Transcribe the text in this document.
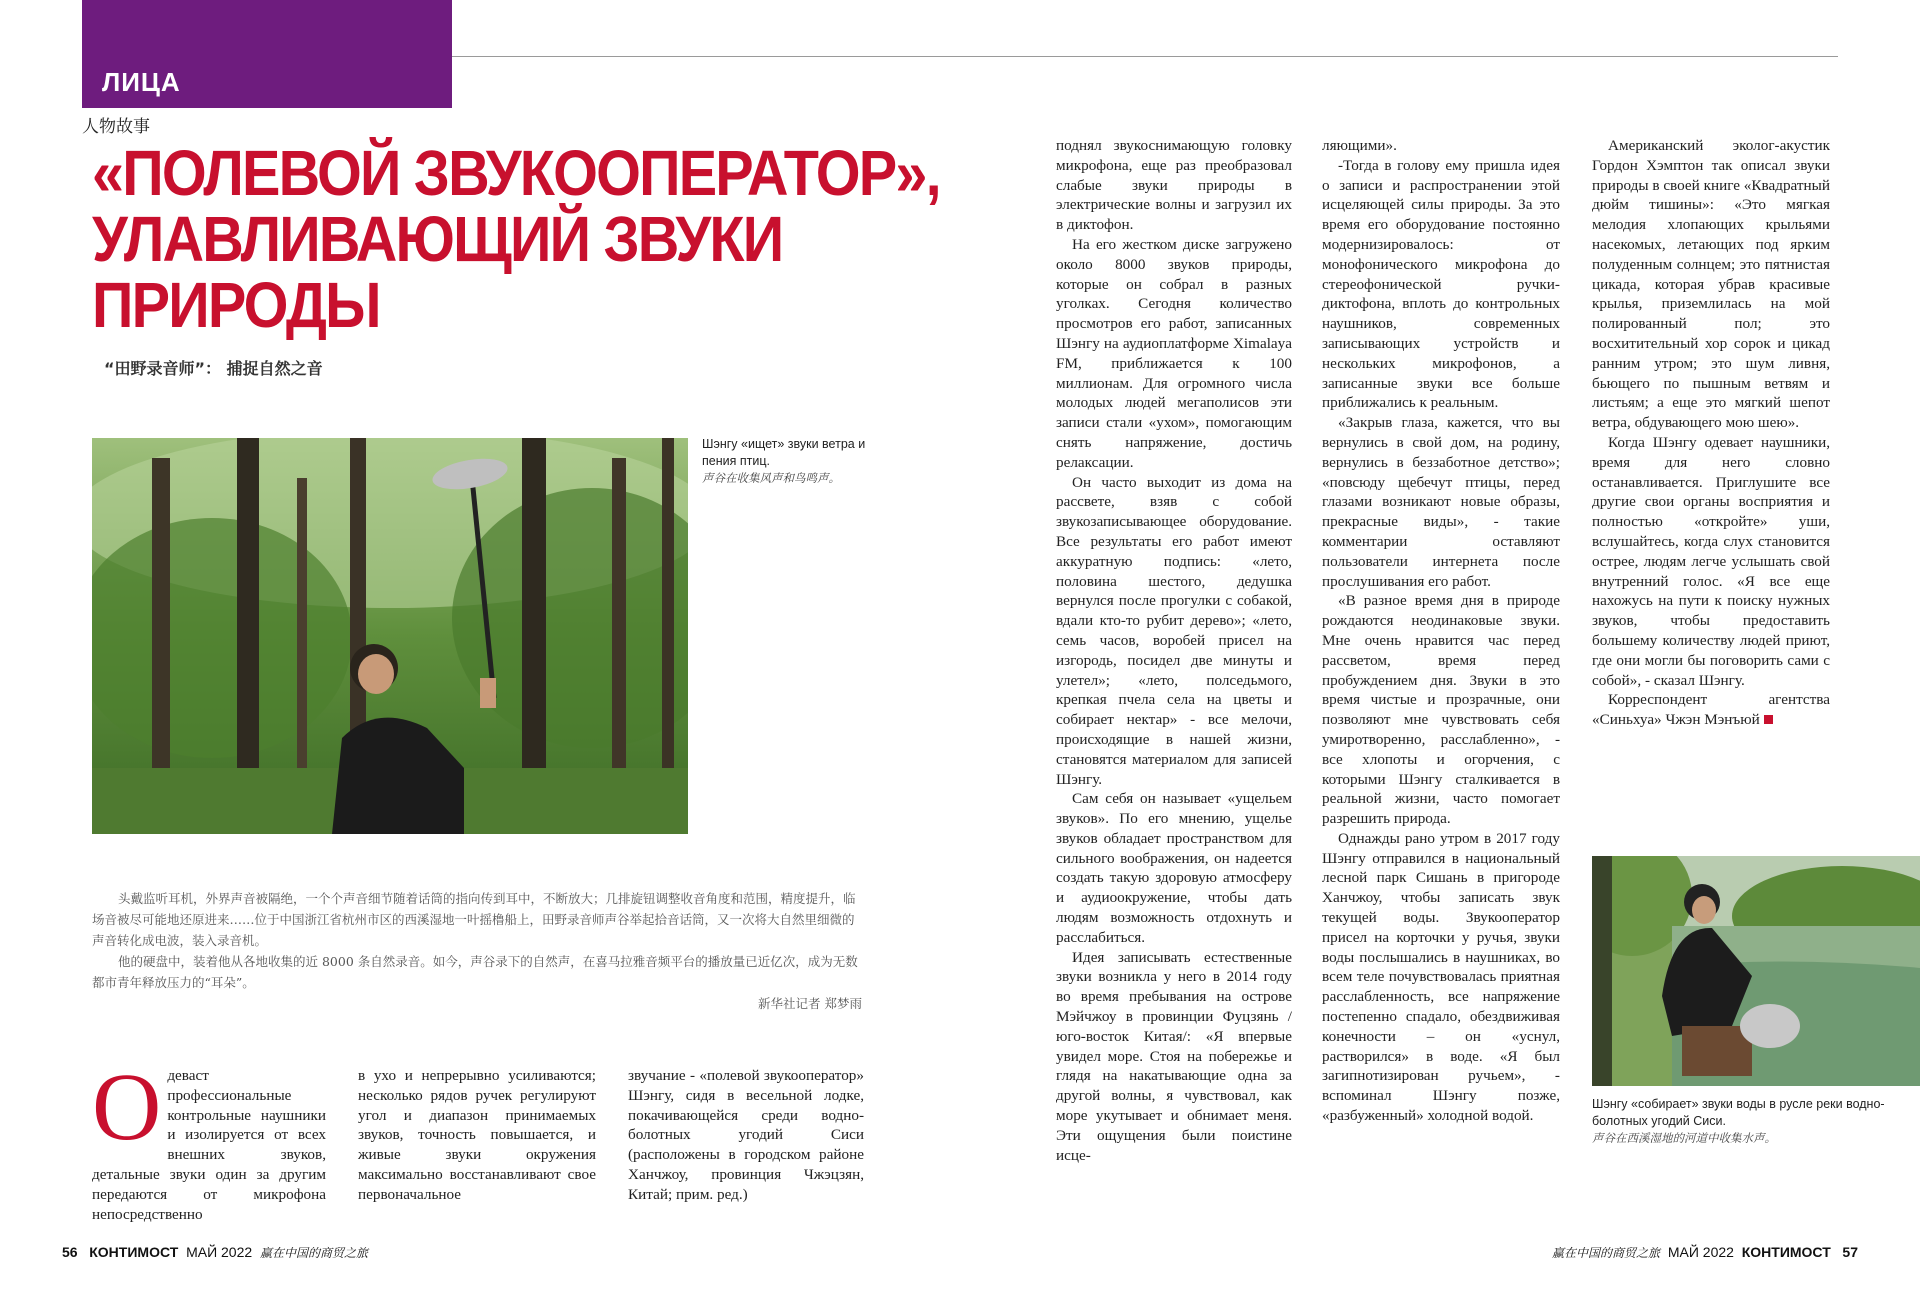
ЛИЦА
人物故事
«ПОЛЕВОЙ ЗВУКООПЕРАТОР»,
УЛАВЛИВАЮЩИЙ ЗВУКИ
ПРИРОДЫ
“田野录音师”： 捕捉自然之音
Шэнгу «ищет» звуки ветра и пения птиц.
声谷在收集风声和鸟鸣声。

头戴监听耳机，外界声音被隔绝，一个个声音细节随着话筒的指向传到耳中，不断放大；几排旋钮调整收音角度和范围，精度提升，临场音被尽可能地还原进来……位于中国浙江省杭州市区的西溪湿地一叶摇橹船上，田野录音师声谷举起拾音话筒，又一次将大自然里细微的声音转化成电波，装入录音机。

他的硬盘中，装着他从各地收集的近 8000 条自然录音。如今，声谷录下的自然声，在喜马拉雅音频平台的播放量已近亿次，成为无数都市青年释放压力的“耳朵”。

新华社记者 郑梦雨
О деваст профессиональные контрольные наушники и изолируется от всех внешних звуков, детальные звуки один за другим передаются от микрофона непосредственно

в ухо и непрерывно усиливаются; несколько рядов ручек регулируют угол и диапазон принимаемых звуков, точность повышается, и живые звуки окружения максимально восстанавливают свое первоначальное

звучание - «полевой звукооператор» Шэнгу, сидя в весельной лодке, покачивающейся среди водно-болотных угодий Сиси (расположены в городском районе Ханчжоу, провинция Чжэцзян, Китай; прим. ред.)

поднял звукоснимающую головку микрофона, еще раз преобразовал слабые звуки природы в электрические волны и загрузил их в диктофон.

На его жестком диске загружено около 8000 звуков природы, которые он собрал в разных уголках. Сегодня количество просмотров его работ, записанных Шэнгу на аудиоплатформе Ximalaya FM, приближается к 100 миллионам. Для огромного числа молодых людей мегаполисов эти записи стали «ухом», помогающим снять напряжение, достичь релаксации.

Он часто выходит из дома на рассвете, взяв с собой звукозаписывающее оборудование. Все результаты его работ имеют аккуратную подпись: «лето, половина шестого, дедушка вернулся после прогулки с собакой, вдали кто-то рубит дерево»; «лето, семь часов, воробей присел на изгородь, посидел две минуты и улетел»; «лето, полседьмого, крепкая пчела села на цветы и собирает нектар» - все мелочи, происходящие в нашей жизни, становятся материалом для записей Шэнгу.

Сам себя он называет «ущельем звуков». По его мнению, ущелье звуков обладает пространством для сильного воображения, он надеется создать такую здоровую атмосферу и аудиоокружение, чтобы дать людям возможность отдохнуть и расслабиться.

Идея записывать естественные звуки возникла у него в 2014 году во время пребывания на острове Мэйчжоу в провинции Фуцзянь /юго-восток Китая/: «Я впервые увидел море. Стоя на побережье и глядя на накатывающие одна за другой волны, я чувствовал, как море укутывает и обнимает меня. Эти ощущения были поистине исце-

ляющими».

-Тогда в голову ему пришла идея о записи и распространении этой исцеляющей силы природы. За это время его оборудование постоянно модернизировалось: от монофонического микрофона до стереофонической ручки-диктофона, вплоть до контрольных наушников, современных записывающих устройств и нескольких микрофонов, а записанные звуки все больше приближались к реальным.

«Закрыв глаза, кажется, что вы вернулись в свой дом, на родину, вернулись в беззаботное детство»; «повсюду щебечут птицы, перед глазами возникают новые образы, прекрасные виды», - такие комментарии оставляют пользователи интернета после прослушивания его работ.

«В разное время дня в природе рождаются неодинаковые звуки. Мне очень нравится час перед рассветом, время перед пробуждением дня. Звуки в это время чистые и прозрачные, они позволяют мне чувствовать себя умиротворенно, расслабленно», - все хлопоты и огорчения, с которыми Шэнгу сталкивается в реальной жизни, часто помогает разрешить природа.

Однажды рано утром в 2017 году Шэнгу отправился в национальный лесной парк Сишань в пригороде Ханчжоу, чтобы записать звук текущей воды. Звукооператор присел на корточки у ручья, звуки воды послышались в наушниках, во всем теле почувствовалась приятная расслабленность, все напряжение постепенно спадало, обездвиживая конечности – он «уснул, растворился» в воде. «Я был загипнотизирован ручьем», - вспоминал Шэнгу позже, «разбуженный» холодной водой.

Американский эколог-акустик Гордон Хэмптон так описал звуки природы в своей книге «Квадратный дюйм тишины»: «Это мягкая мелодия хлопающих крыльями насекомых, летающих под ярким полуденным солнцем; это пятнистая цикада, которая убрав красивые крылья, приземлилась на мой полированный пол; это восхитительный хор сорок и цикад ранним утром; это шум ливня, бьющего по пышным ветвям и листьям; а еще это мягкий шепот ветра, обдувающего мою шею».

Когда Шэнгу одевает наушники, время для него словно останавливается. Приглушите все другие свои органы восприятия и полностью «откройте» уши, вслушайтесь, когда слух становится острее, людям легче услышать свой внутренний голос. «Я все еще нахожусь на пути к поиску нужных звуков, чтобы предоставить большему количеству людей приют, где они могли бы поговорить сами с собой», - сказал Шэнгу.

Корреспондент агентства «Синьхуа» Чжэн Мэнъюй

Шэнгу «собирает» звуки воды в русле реки водно-болотных угодий Сиси.
声谷在西溪湿地的河道中收集水声。
56 КОНТИМОСТ МАЙ 2022 赢在中国的商贸之旅	赢在中国的商贸之旅 МАЙ 2022 КОНТИМОСТ 57
